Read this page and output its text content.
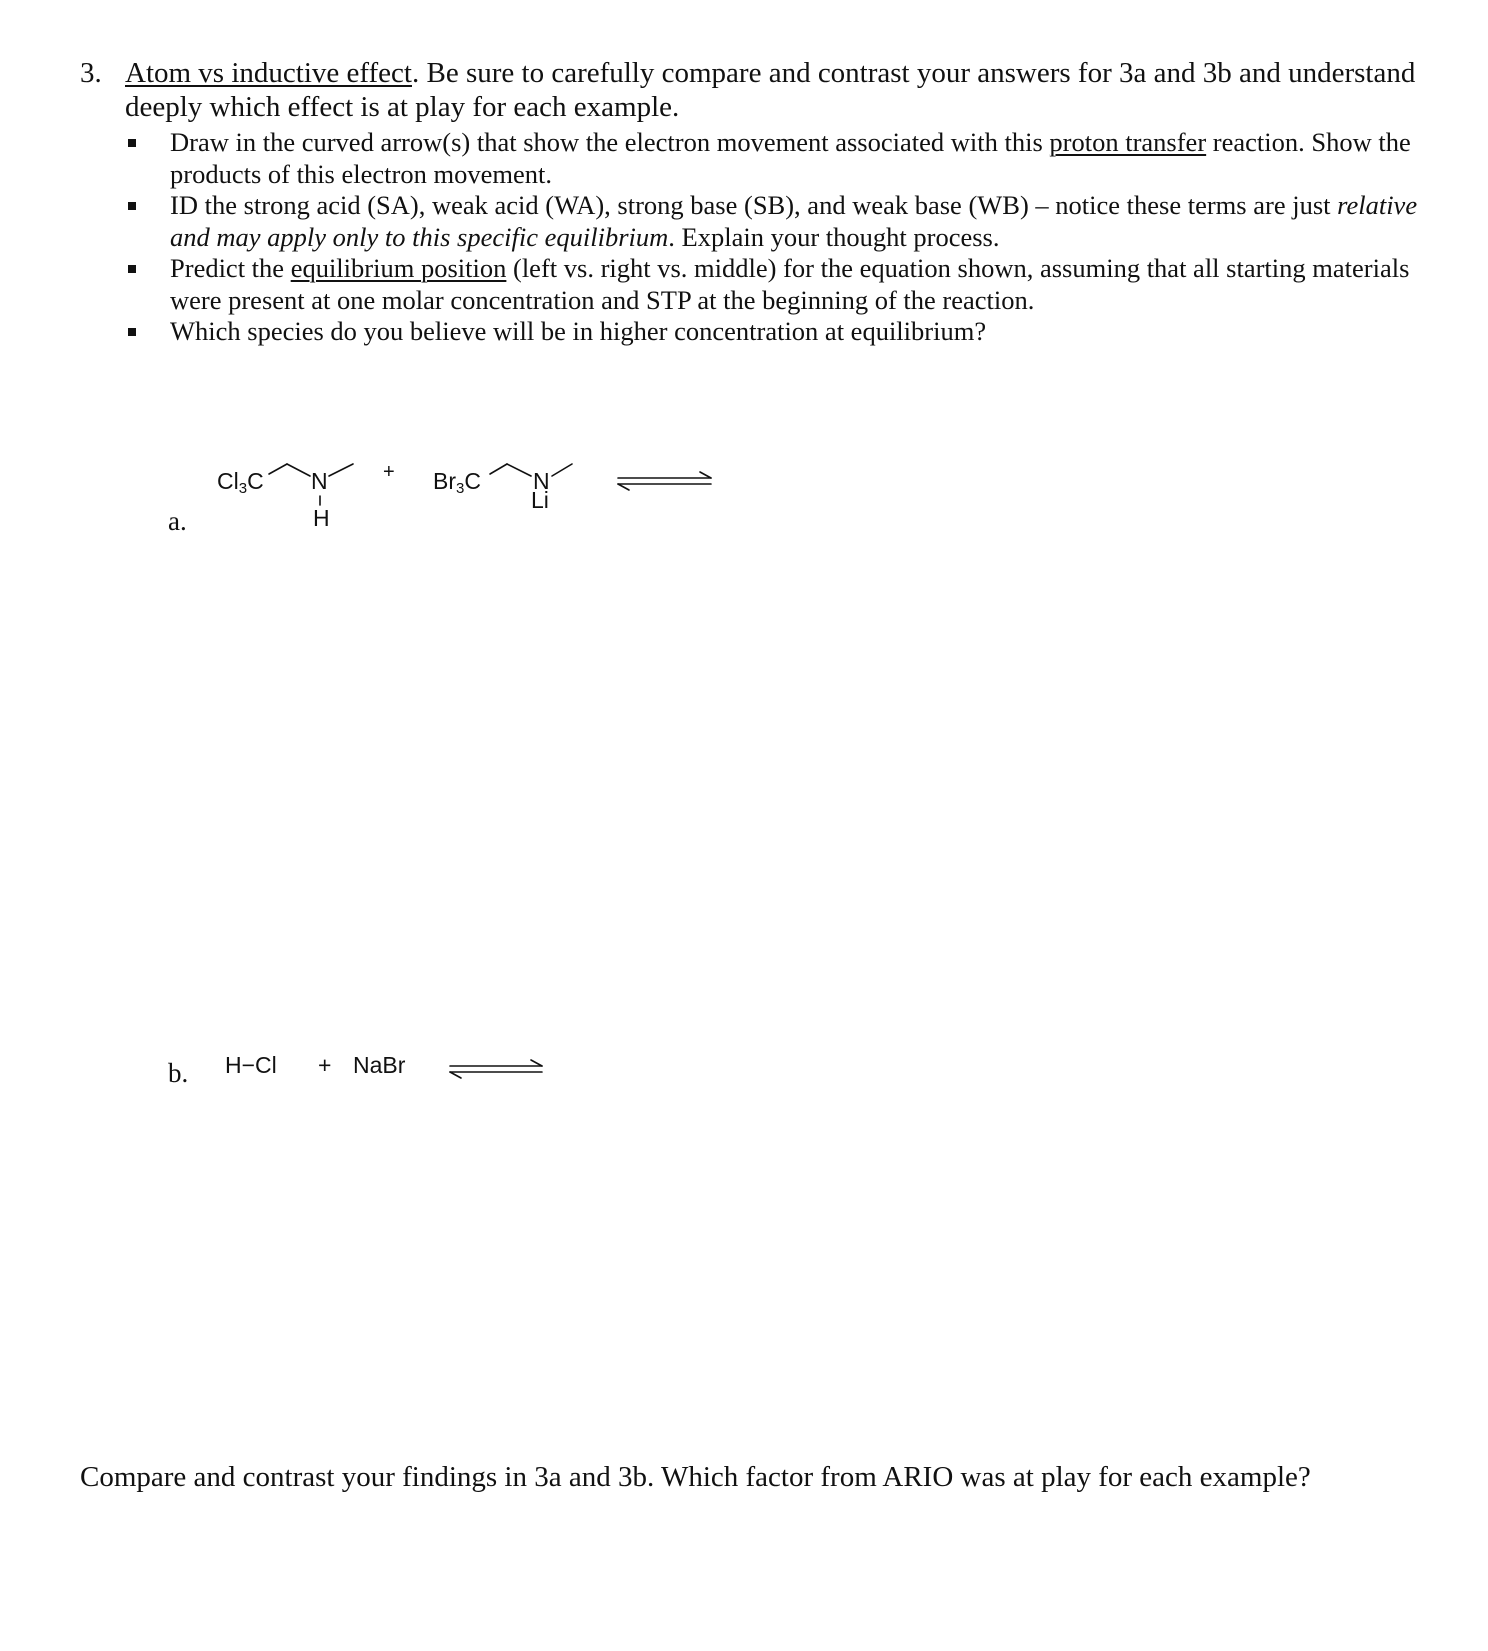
3. Atom vs inductive effect. Be sure to carefully compare and contrast your answers for 3a and 3b and understand deeply which effect is at play for each example.
Draw in the curved arrow(s) that show the electron movement associated with this proton transfer reaction. Show the products of this electron movement.
ID the strong acid (SA), weak acid (WA), strong base (SB), and weak base (WB) – notice these terms are just relative and may apply only to this specific equilibrium. Explain your thought process.
Predict the equilibrium position (left vs. right vs. middle) for the equation shown, assuming that all starting materials were present at one molar concentration and STP at the beginning of the reaction.
Which species do you believe will be in higher concentration at equilibrium?
a.
$Cl_3C$ N
H
+ $Br_3C$ N
Li
b. H−Cl + NaBr
Compare and contrast your findings in 3a and 3b. Which factor from ARIO was at play for each example?
